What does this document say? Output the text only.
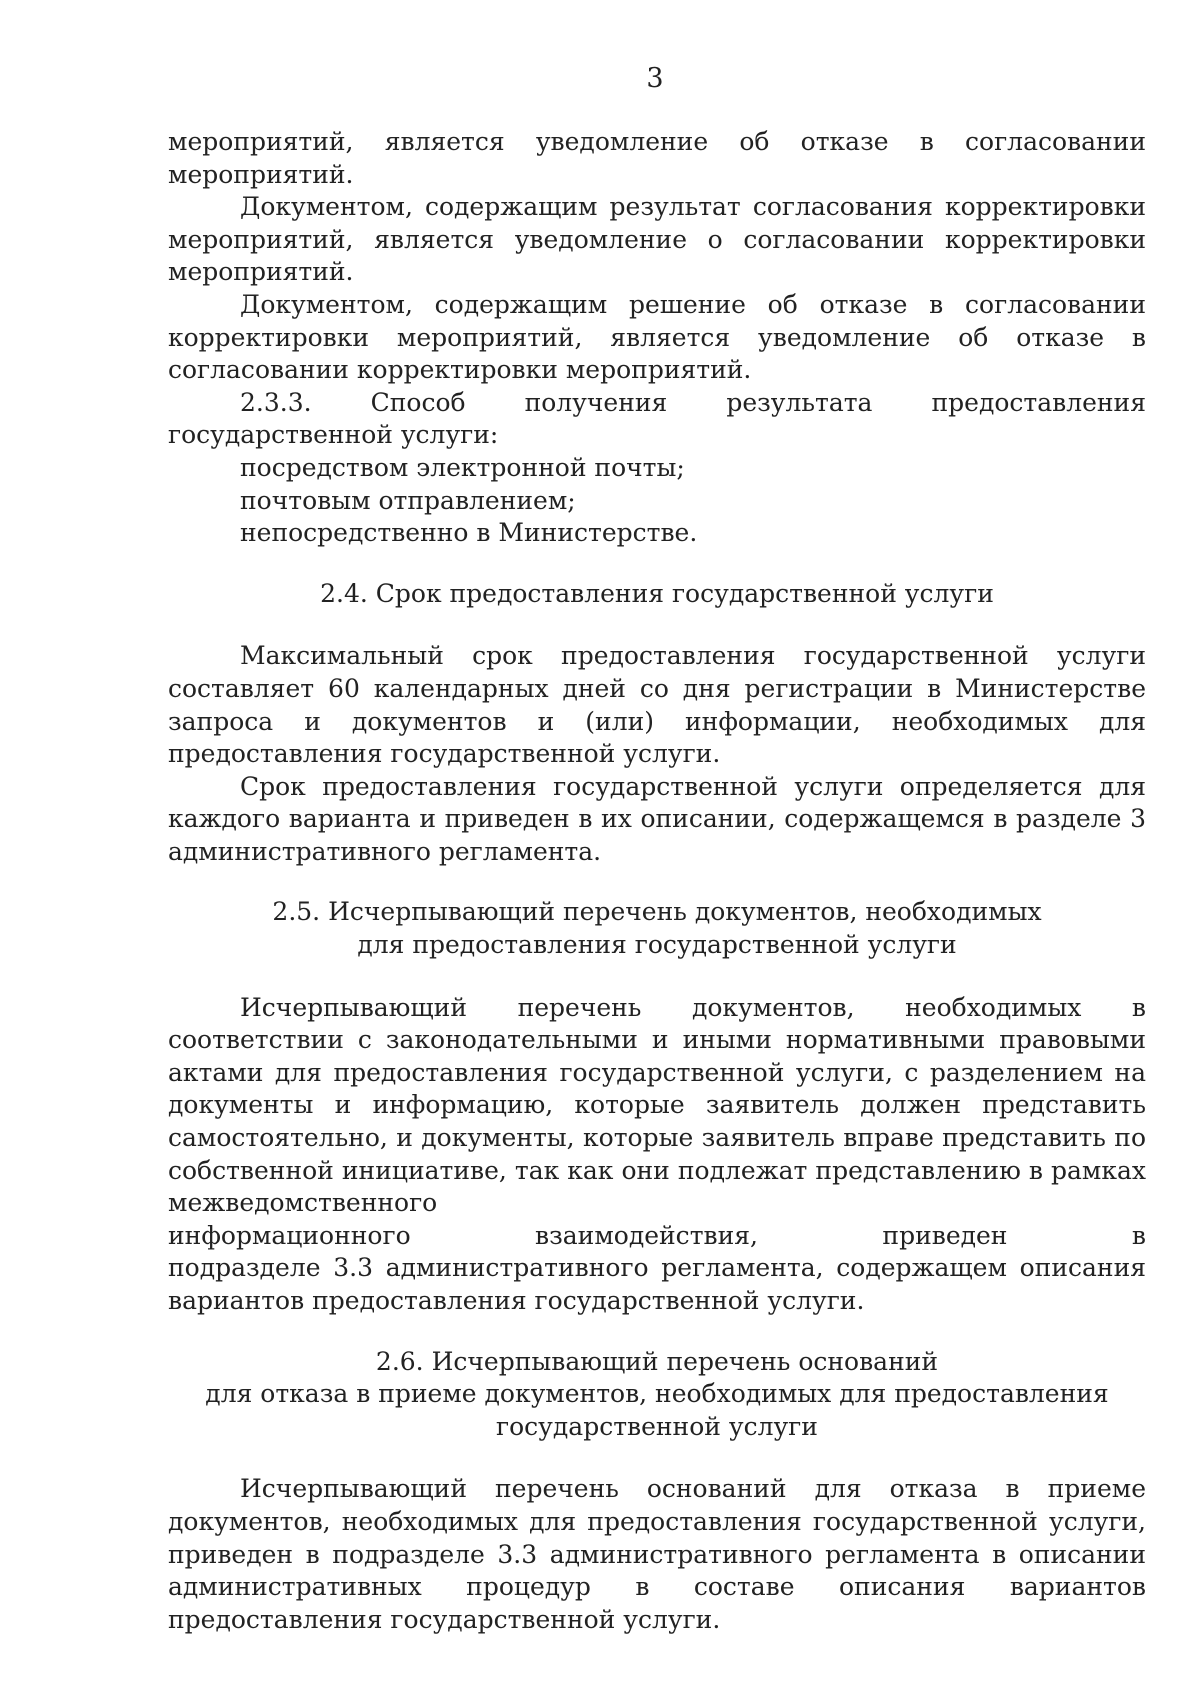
3

мероприятий, является уведомление об отказе в согласовании мероприятий.

Документом, содержащим результат согласования корректировки мероприятий, является уведомление о согласовании корректировки мероприятий.

Документом, содержащим решение об отказе в согласовании корректировки мероприятий, является уведомление об отказе в согласовании корректировки мероприятий.

2.3.3. Способ получения результата предоставления государственной услуги:

посредством электронной почты;

почтовым отправлением;

непосредственно в Министерстве.

2.4. Срок предоставления государственной услуги

Максимальный срок предоставления государственной услуги составляет 60 календарных дней со дня регистрации в Министерстве запроса и документов и (или) информации, необходимых для предоставления государственной услуги.

Срок предоставления государственной услуги определяется для каждого варианта и приведен в их описании, содержащемся в разделе 3 административного регламента.

2.5. Исчерпывающий перечень документов, необходимых
для предоставления государственной услуги

Исчерпывающий перечень документов, необходимых в соответствии с законодательными и иными нормативными правовыми актами для предоставления государственной услуги, с разделением на документы и информацию, которые заявитель должен представить самостоятельно, и документы, которые заявитель вправе представить по собственной инициативе, так как они подлежат представлению в рамках межведомственного

информационного взаимодействия, приведен в

подразделе 3.3 административного регламента, содержащем описания вариантов предоставления государственной услуги.

2.6. Исчерпывающий перечень оснований
для отказа в приеме документов, необходимых для предоставления
государственной услуги

Исчерпывающий перечень оснований для отказа в приеме документов, необходимых для предоставления государственной услуги, приведен в подразделе 3.3 административного регламента в описании административных процедур в составе описания вариантов предоставления государственной услуги.
